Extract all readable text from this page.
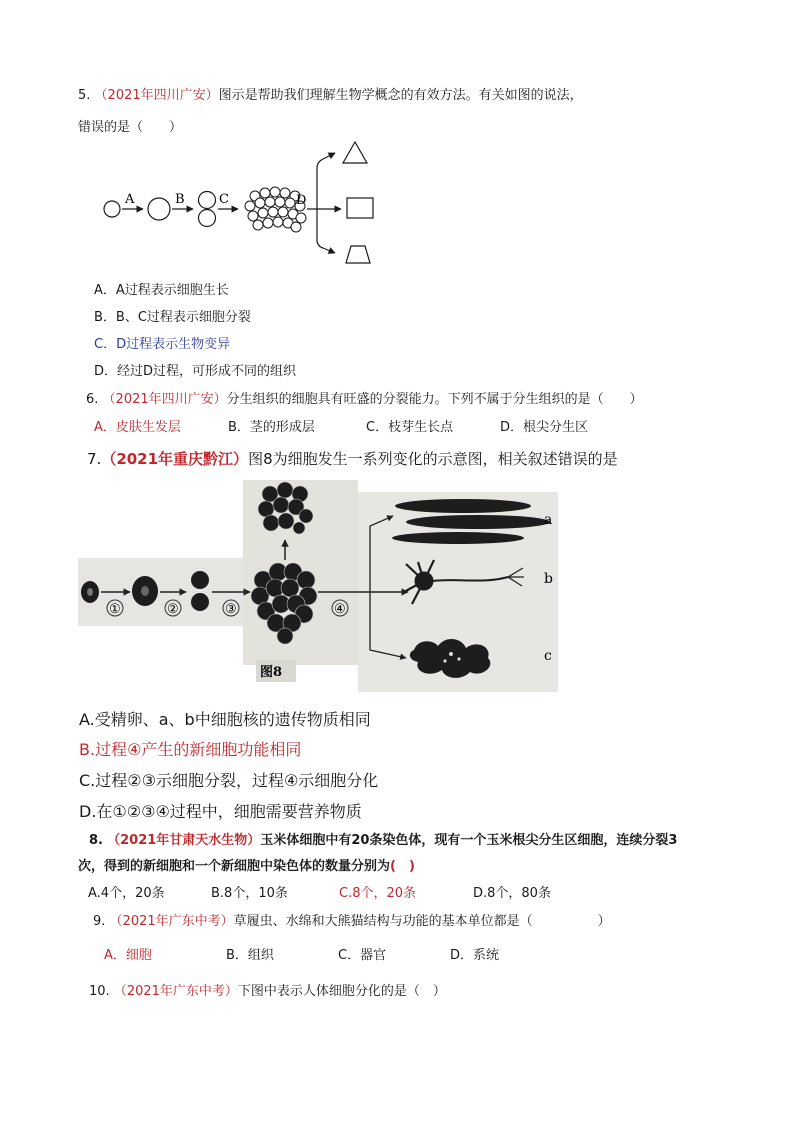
5. （2021年四川广安）图示是帮助我们理解生物学概念的有效方法。有关如图的说法，
错误的是（　　）
A	B	C	D
A．A过程表示细胞生长
B．B、C过程表示细胞分裂
C．D过程表示生物变异
D．经过D过程，可形成不同的组织
6. （2021年四川广安）分生组织的细胞具有旺盛的分裂能力。下列不属于分生组织的是（　　）
A．皮肤生发层	B．茎的形成层	C．枝芽生长点	D．根尖分生区
7.（2021年重庆黔江）图8为细胞发生一系列变化的示意图，相关叙述错误的是
①	②	③
图8
④
a
b
c
A.受精卵、a、b中细胞核的遗传物质相同
B.过程④产生的新细胞功能相同
C.过程②③示细胞分裂，过程④示细胞分化
D.在①②③④过程中，细胞需要营养物质
8. （2021年甘肃天水生物）玉米体细胞中有20条染色体，现有一个玉米根尖分生区细胞，连续分裂3
次，得到的新细胞和一个新细胞中染色体的数量分别为(　)
A.4个，20条	B.8个，10条	C.8个，20条	D.8个，80条
9. （2021年广东中考）草履虫、水绵和大熊猫结构与功能的基本单位都是（　　　　　）
A．细胞	B．组织	C．器官	D．系统
10. （2021年广东中考）下图中表示人体细胞分化的是（　）
